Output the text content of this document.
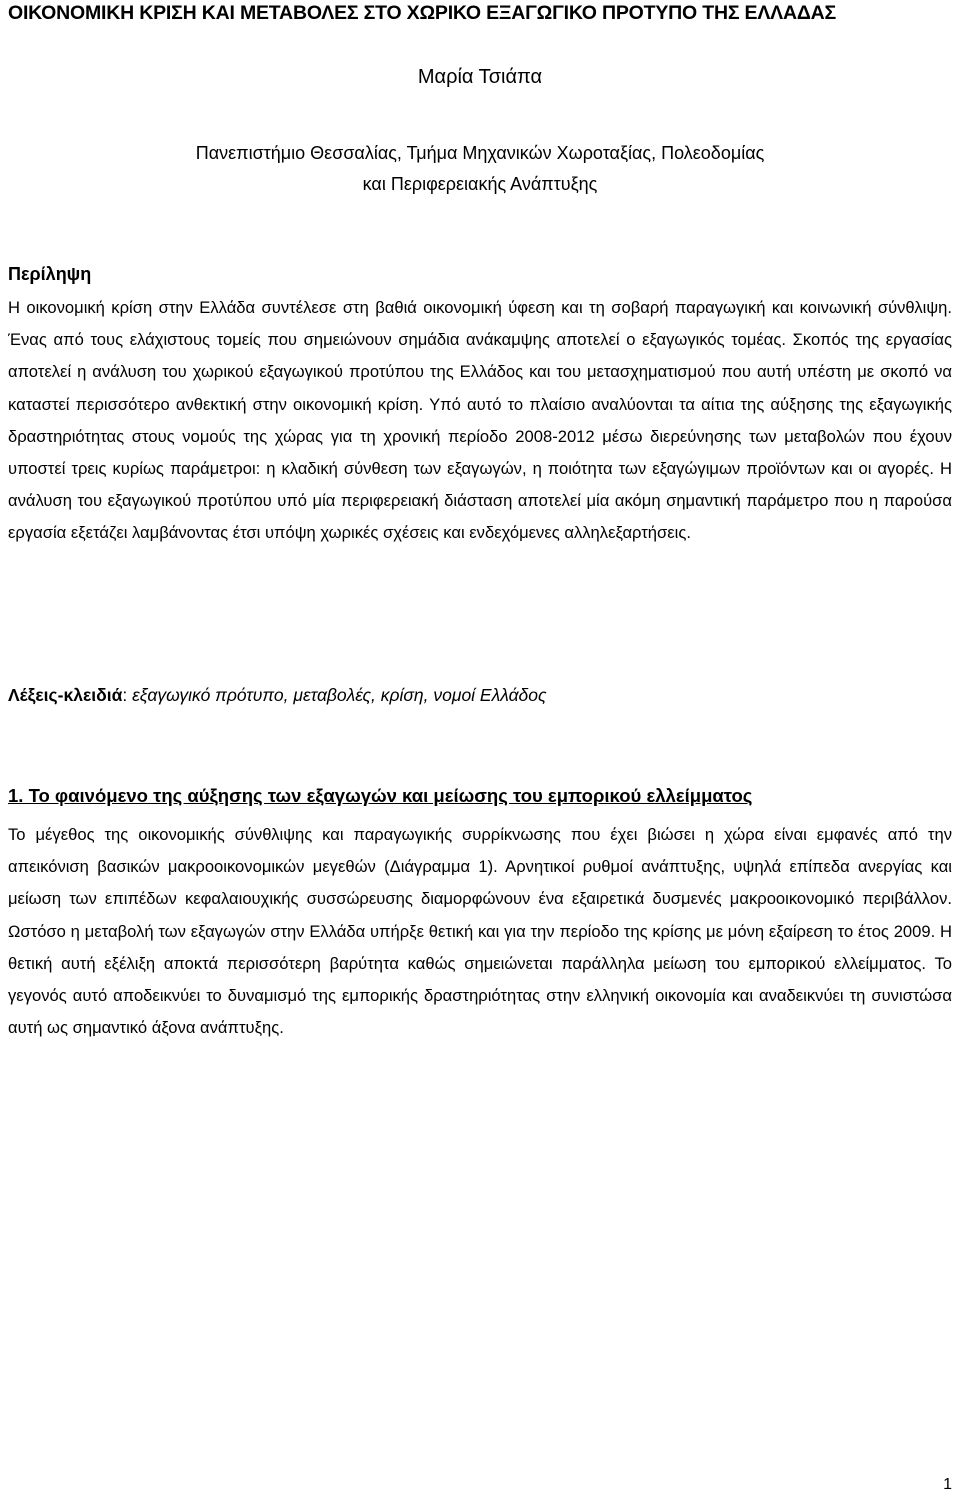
ΟΙΚΟΝΟΜΙΚΗ ΚΡΙΣΗ ΚΑΙ ΜΕΤΑΒΟΛΕΣ ΣΤΟ ΧΩΡΙΚΟ ΕΞΑΓΩΓΙΚΟ ΠΡΟΤΥΠΟ ΤΗΣ ΕΛΛΑΔΑΣ
Μαρία Τσιάπα
Πανεπιστήμιο Θεσσαλίας, Τμήμα Μηχανικών Χωροταξίας, Πολεοδομίας
και Περιφερειακής Ανάπτυξης
Περίληψη

Η οικονομική κρίση στην Ελλάδα συντέλεσε στη βαθιά οικονομική ύφεση και τη σοβαρή παραγωγική και κοινωνική σύνθλιψη. Ένας από τους ελάχιστους τομείς που σημειώνουν σημάδια ανάκαμψης αποτελεί ο εξαγωγικός τομέας. Σκοπός της εργασίας αποτελεί η ανάλυση του χωρικού εξαγωγικού προτύπου της Ελλάδος και του μετασχηματισμού που αυτή υπέστη με σκοπό να καταστεί περισσότερο ανθεκτική στην οικονομική κρίση. Υπό αυτό το πλαίσιο αναλύονται τα αίτια της αύξησης της εξαγωγικής δραστηριότητας στους νομούς της χώρας για τη χρονική περίοδο 2008-2012 μέσω διερεύνησης των μεταβολών που έχουν υποστεί τρεις κυρίως παράμετροι: η κλαδική σύνθεση των εξαγωγών, η ποιότητα των εξαγώγιμων προϊόντων και οι αγορές. Η ανάλυση του εξαγωγικού προτύπου υπό μία περιφερειακή διάσταση αποτελεί μία ακόμη σημαντική παράμετρο που η παρούσα εργασία εξετάζει λαμβάνοντας έτσι υπόψη χωρικές σχέσεις και ενδεχόμενες αλληλεξαρτήσεις.

Λέξεις-κλειδιά: εξαγωγικό πρότυπο, μεταβολές, κρίση, νομοί Ελλάδος
1. Το φαινόμενο της αύξησης των εξαγωγών και μείωσης του εμπορικού ελλείμματος

Το μέγεθος της οικονομικής σύνθλιψης και παραγωγικής συρρίκνωσης που έχει βιώσει η χώρα είναι εμφανές από την απεικόνιση βασικών μακροοικονομικών μεγεθών (Διάγραμμα 1). Αρνητικοί ρυθμοί ανάπτυξης, υψηλά επίπεδα ανεργίας και μείωση των επιπέδων κεφαλαιουχικής συσσώρευσης διαμορφώνουν ένα εξαιρετικά δυσμενές μακροοικονομικό περιβάλλον. Ωστόσο η μεταβολή των εξαγωγών στην Ελλάδα υπήρξε θετική και για την περίοδο της κρίσης με μόνη εξαίρεση το έτος 2009. Η θετική αυτή εξέλιξη αποκτά περισσότερη βαρύτητα καθώς σημειώνεται παράλληλα μείωση του εμπορικού ελλείμματος. Το γεγονός αυτό αποδεικνύει το δυναμισμό της εμπορικής δραστηριότητας στην ελληνική οικονομία και αναδεικνύει τη συνιστώσα αυτή ως σημαντικό άξονα ανάπτυξης.

1
